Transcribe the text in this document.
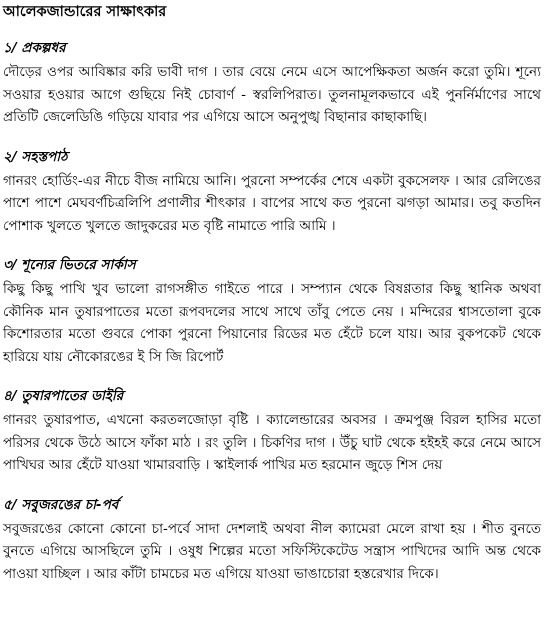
আলেকজান্ডারের সাক্ষাৎকার
১/ প্রকল্পধর

দৌড়ের ওপর আবিষ্কার করি ভাবী দাগ । তার বেয়ে নেমে এসে আপেক্ষিকতা অর্জন করো তুমি। শূন্যে সওয়ার হওয়ার আগে গুছিয়ে নিই চোবার্ণ - স্বরলিপিরাত। তুলনামূলকভাবে এই পুনর্নির্মাণের সাথে প্রতিটি জেলেডিঙি গড়িয়ে যাবার পর এগিয়ে আসে অনুপুঙ্খ বিছানার কাছাকাছি।

২/ সহস্তপাঠ

গানরং হোর্ডিং-এর নীচে বীজ নামিয়ে আনি। পুরনো সম্পর্কের শেষে একটা বুকসেলফ । আর রেলিঙের পাশে পাশে মেঘবর্ণচিত্রলিপি প্রণালীর শীৎকার । বাপের সাথে কত পুরনো ঝগড়া আমার। তবু কতদিন পোশাক খুলতে খুলতে জাদুকরের মত বৃষ্টি নামাতে পারি আমি ।

৩/ শূন্যের ভিতরে সার্কাস

কিছু কিছু পাখি খুব ভালো রাগসঙ্গীত গাইতে পারে । সম্প্যান থেকে বিষণ্ণতার কিছু স্থানিক অথবা কৌনিক মান তুষারপাতের মতো রূপবদলের সাথে সাথে তাঁবু পেতে নেয় । মন্দিরের শ্বাসতোলা বুকে কিশোরতার মতো গুবরে পোকা পুরনো পিয়ানোর রিডের মত হেঁটে চলে যায়। আর বুকপকেট থেকে হারিয়ে যায় নৌকোরঙের ই সি জি রিপোর্ট

৪/ তুষারপাতের ডাইরি

গানরং তুষারপাত, এখনো করতলজোড়া বৃষ্টি । ক্যালেন্ডারের অবসর । ক্রমপুঞ্জ বিরল হাসির মতো পরিসর থেকে উঠে আসে ফাঁকা মাঠ । রং তুলি । চিকণির দাগ । উঁচু ঘাট থেকে হইহই করে নেমে আসে পাখিঘর আর হেঁটে যাওয়া খামারবাড়ি । স্কাইলার্ক পাখির মত হরমোন জুড়ে শিস দেয়

৫/ সবুজরঙের চা-পর্ব

সবুজরঙের কোনো কোনো চা-পর্বে সাদা দেশলাই অথবা নীল ক্যামেরা মেলে রাখা হয় । শীত বুনতে বুনতে এগিয়ে আসছিলে তুমি । ওষুধ শিল্পের মতো সফিস্টিকেটেড সন্ত্রাস পাখিদের আদি অন্ত থেকে পাওয়া যাচ্ছিল । আর কাঁটা চামচের মত এগিয়ে যাওয়া ভাঙাচোরা হস্তরেখার দিকে।
